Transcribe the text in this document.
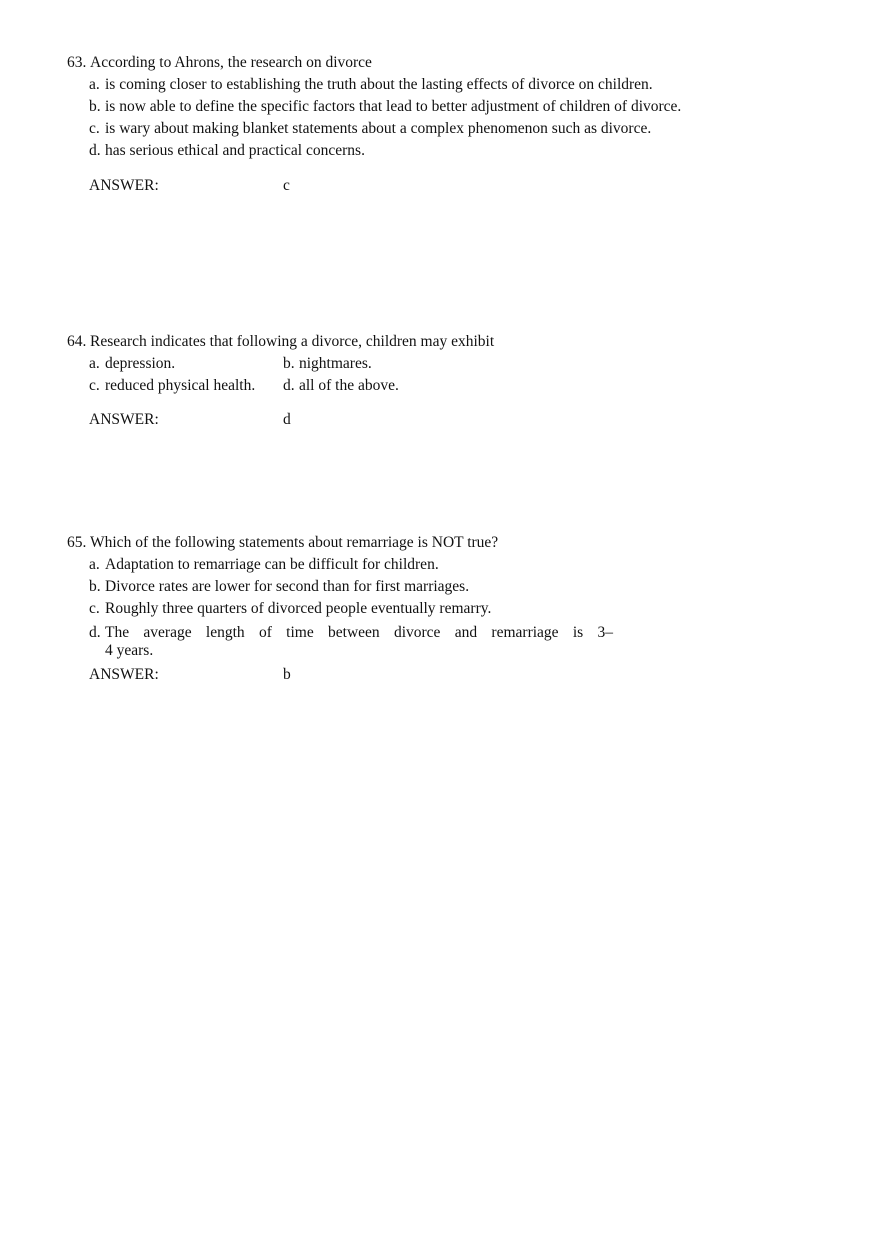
63. According to Ahrons, the research on divorce
a. is coming closer to establishing the truth about the lasting effects of divorce on children.
b. is now able to define the specific factors that lead to better adjustment of children of divorce.
c. is wary about making blanket statements about a complex phenomenon such as divorce.
d. has serious ethical and practical concerns.
ANSWER:	c
64. Research indicates that following a divorce, children may exhibit
a. depression.	b. nightmares.
c. reduced physical health. d. all of the above.
ANSWER:	d
65. Which of the following statements about remarriage is NOT true?
a. Adaptation to remarriage can be difficult for children.
b. Divorce rates are lower for second than for first marriages.
c. Roughly three quarters of divorced people eventually remarry.
d. The average length of time between divorce and remarriage is 3–
4 years.
ANSWER:	b
